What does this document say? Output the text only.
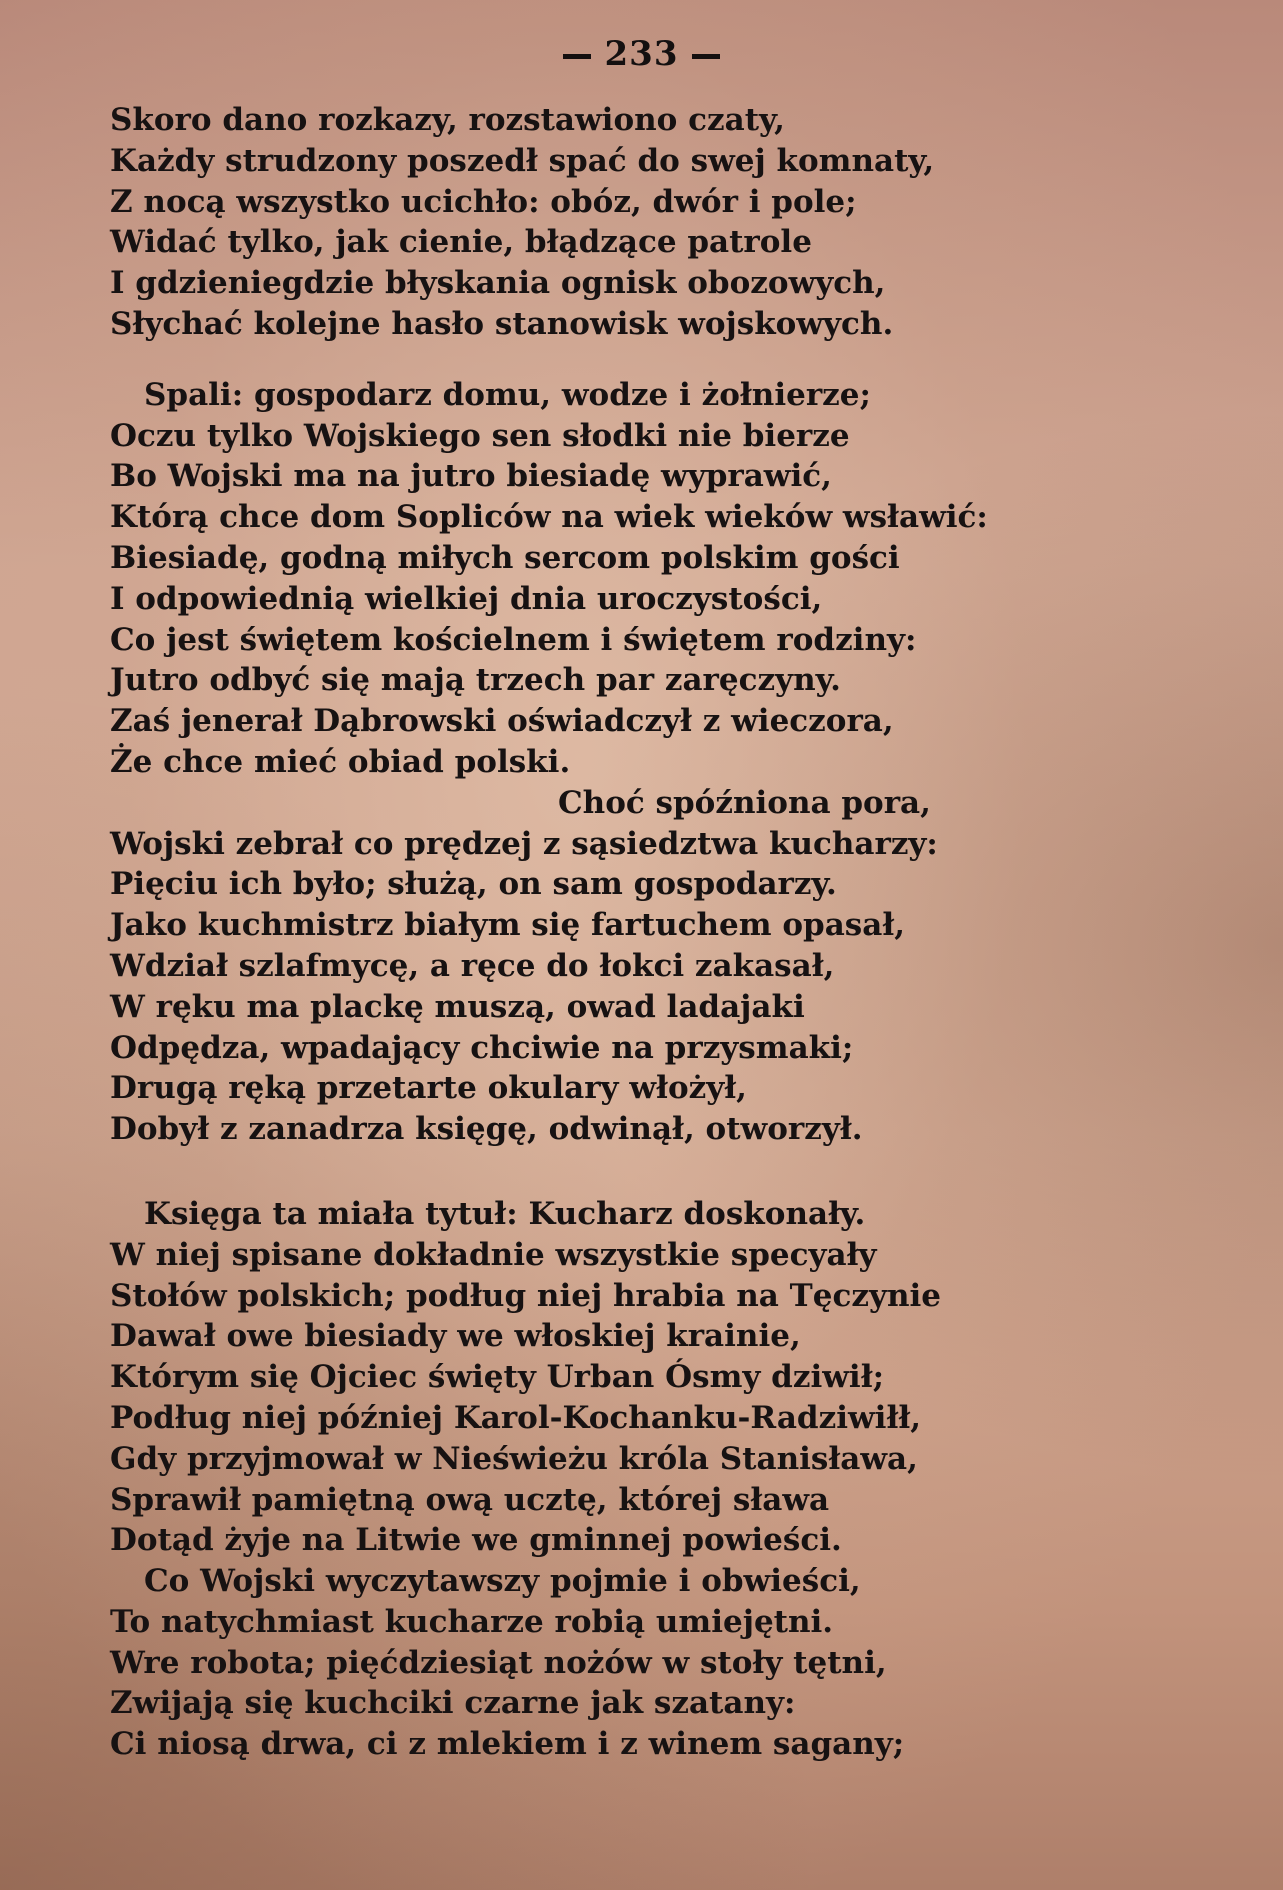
233
Skoro dano rozkazy, rozstawiono czaty,
Każdy strudzony poszedł spać do swej komnaty,
Z nocą wszystko ucichło: obóz, dwór i pole;
Widać tylko, jak cienie, błądzące patrole
I gdzieniegdzie błyskania ognisk obozowych,
Słychać kolejne hasło stanowisk wojskowych.
Spali: gospodarz domu, wodze i żołnierze;
Oczu tylko Wojskiego sen słodki nie bierze
Bo Wojski ma na jutro biesiadę wyprawić,
Którą chce dom Sopliców na wiek wieków wsławić:
Biesiadę, godną miłych sercom polskim gości
I odpowiednią wielkiej dnia uroczystości,
Co jest świętem kościelnem i świętem rodziny:
Jutro odbyć się mają trzech par zaręczyny.
Zaś jenerał Dąbrowski oświadczył z wieczora,
Że chce mieć obiad polski.
Choć spóźniona pora,
Wojski zebrał co prędzej z sąsiedztwa kucharzy:
Pięciu ich było; służą, on sam gospodarzy.
Jako kuchmistrz białym się fartuchem opasał,
Wdział szlafmycę, a ręce do łokci zakasał,
W ręku ma plackę muszą, owad ladajaki
Odpędza, wpadający chciwie na przysmaki;
Drugą ręką przetarte okulary włożył,
Dobył z zanadrza księgę, odwinął, otworzył.
Księga ta miała tytuł: Kucharz doskonały.
W niej spisane dokładnie wszystkie specyały
Stołów polskich; podług niej hrabia na Tęczynie
Dawał owe biesiady we włoskiej krainie,
Którym się Ojciec święty Urban Ósmy dziwił;
Podług niej później Karol-Kochanku-Radziwiłł,
Gdy przyjmował w Nieświeżu króla Stanisława,
Sprawił pamiętną ową ucztę, której sława
Dotąd żyje na Litwie we gminnej powieści.
Co Wojski wyczytawszy pojmie i obwieści,
To natychmiast kucharze robią umiejętni.
Wre robota; pięćdziesiąt nożów w stoły tętni,
Zwijają się kuchciki czarne jak szatany:
Ci niosą drwa, ci z mlekiem i z winem sagany;
